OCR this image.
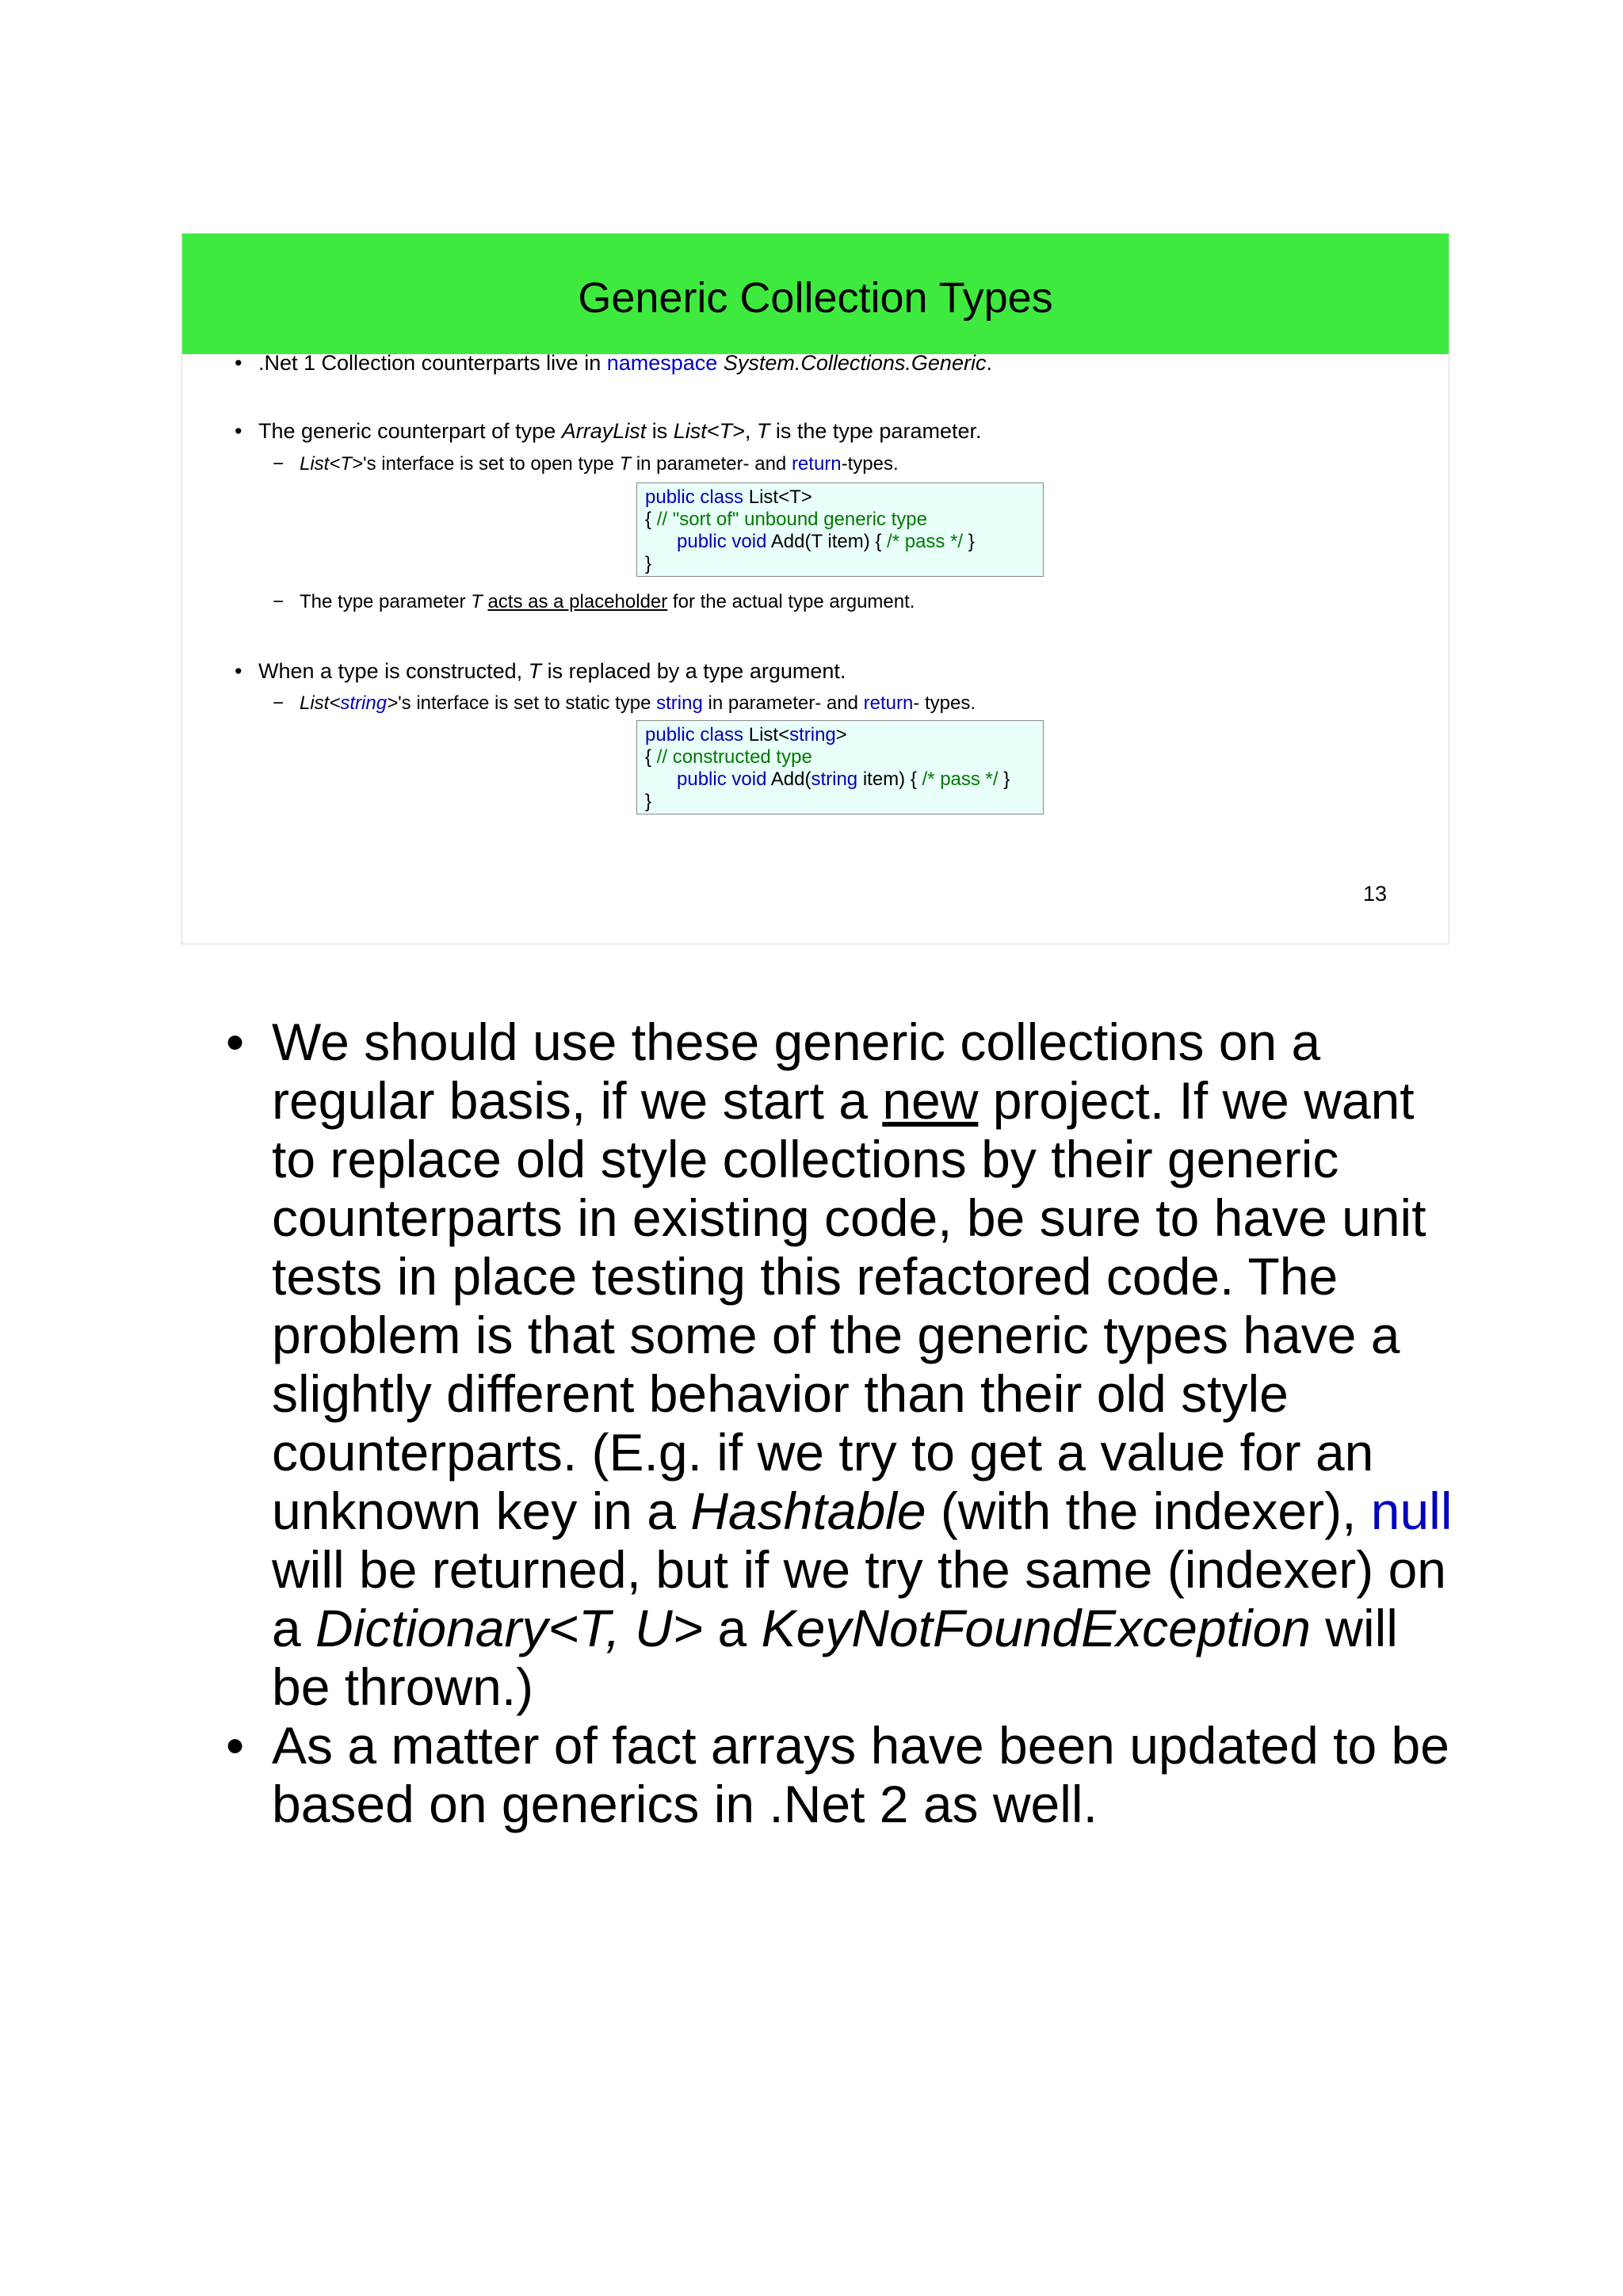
Generic Collection Types
• .Net 1 Collection counterparts live in namespace System.Collections.Generic.
• The generic counterpart of type ArrayList is List<T>, T is the type parameter.
− List<T>'s interface is set to open type T in parameter- and return-types.
public class List<T>
{ // "sort of" unbound generic type
public void Add(T item) { /* pass */ }
}
− The type parameter T acts as a placeholder for the actual type argument.
• When a type is constructed, T is replaced by a type argument.
− List<string>'s interface is set to static type string in parameter- and return- types.
public class List<string>
{ // constructed type
public void Add(string item) { /* pass */ }
}
13
• We should use these generic collections on a regular basis, if we start a new project. If we want to replace old style collections by their generic counterparts in existing code, be sure to have unit tests in place testing this refactored code. The problem is that some of the generic types have a slightly different behavior than their old style counterparts. (E.g. if we try to get a value for an unknown key in a Hashtable (with the indexer), null will be returned, but if we try the same (indexer) on a Dictionary<T, U> a KeyNotFoundException will be thrown.)
• As a matter of fact arrays have been updated to be based on generics in .Net 2 as well.
